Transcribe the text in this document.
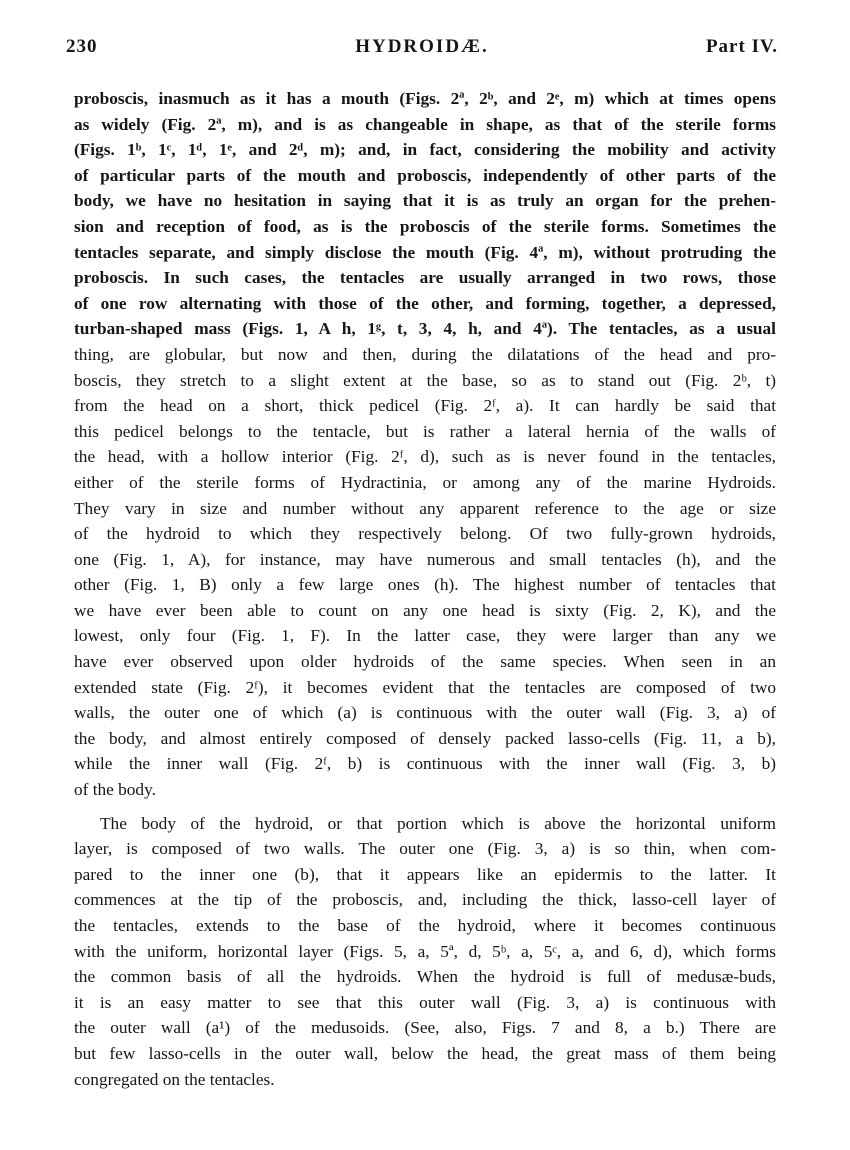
230	HYDROIDÆ.	Part IV.
proboscis, inasmuch as it has a mouth (Figs. 2ª, 2ᵇ, and 2ᵉ, m) which at times opens
as widely (Fig. 2ª, m), and is as changeable in shape, as that of the sterile forms
(Figs. 1ᵇ, 1ᶜ, 1ᵈ, 1ᵉ, and 2ᵈ, m); and, in fact, considering the mobility and activity
of particular parts of the mouth and proboscis, independently of other parts of the
body, we have no hesitation in saying that it is as truly an organ for the prehen-
sion and reception of food, as is the proboscis of the sterile forms. Sometimes the
tentacles separate, and simply disclose the mouth (Fig. 4ª, m), without protruding the
proboscis. In such cases, the tentacles are usually arranged in two rows, those
of one row alternating with those of the other, and forming, together, a depressed,
turban-shaped mass (Figs. 1, A h, 1ᵍ, t, 3, 4, h, and 4ª). The tentacles, as a usual
thing, are globular, but now and then, during the dilatations of the head and pro-
boscis, they stretch to a slight extent at the base, so as to stand out (Fig. 2ᵇ, t)
from the head on a short, thick pedicel (Fig. 2ᶠ, a). It can hardly be said that
this pedicel belongs to the tentacle, but is rather a lateral hernia of the walls of
the head, with a hollow interior (Fig. 2ᶠ, d), such as is never found in the tentacles,
either of the sterile forms of Hydractinia, or among any of the marine Hydroids.
They vary in size and number without any apparent reference to the age or size
of the hydroid to which they respectively belong. Of two fully-grown hydroids,
one (Fig. 1, A), for instance, may have numerous and small tentacles (h), and the
other (Fig. 1, B) only a few large ones (h). The highest number of tentacles that
we have ever been able to count on any one head is sixty (Fig. 2, K), and the
lowest, only four (Fig. 1, F). In the latter case, they were larger than any we
have ever observed upon older hydroids of the same species. When seen in an
extended state (Fig. 2ᶠ), it becomes evident that the tentacles are composed of two
walls, the outer one of which (a) is continuous with the outer wall (Fig. 3, a) of
the body, and almost entirely composed of densely packed lasso-cells (Fig. 11, a b),
while the inner wall (Fig. 2ᶠ, b) is continuous with the inner wall (Fig. 3, b)
of the body.
The body of the hydroid, or that portion which is above the horizontal uniform
layer, is composed of two walls. The outer one (Fig. 3, a) is so thin, when com-
pared to the inner one (b), that it appears like an epidermis to the latter. It
commences at the tip of the proboscis, and, including the thick, lasso-cell layer of
the tentacles, extends to the base of the hydroid, where it becomes continuous
with the uniform, horizontal layer (Figs. 5, a, 5ª, d, 5ᵇ, a, 5ᶜ, a, and 6, d), which forms
the common basis of all the hydroids. When the hydroid is full of medusæ-buds,
it is an easy matter to see that this outer wall (Fig. 3, a) is continuous with
the outer wall (a¹) of the medusoids. (See, also, Figs. 7 and 8, a b.) There are
but few lasso-cells in the outer wall, below the head, the great mass of them being
congregated on the tentacles.
